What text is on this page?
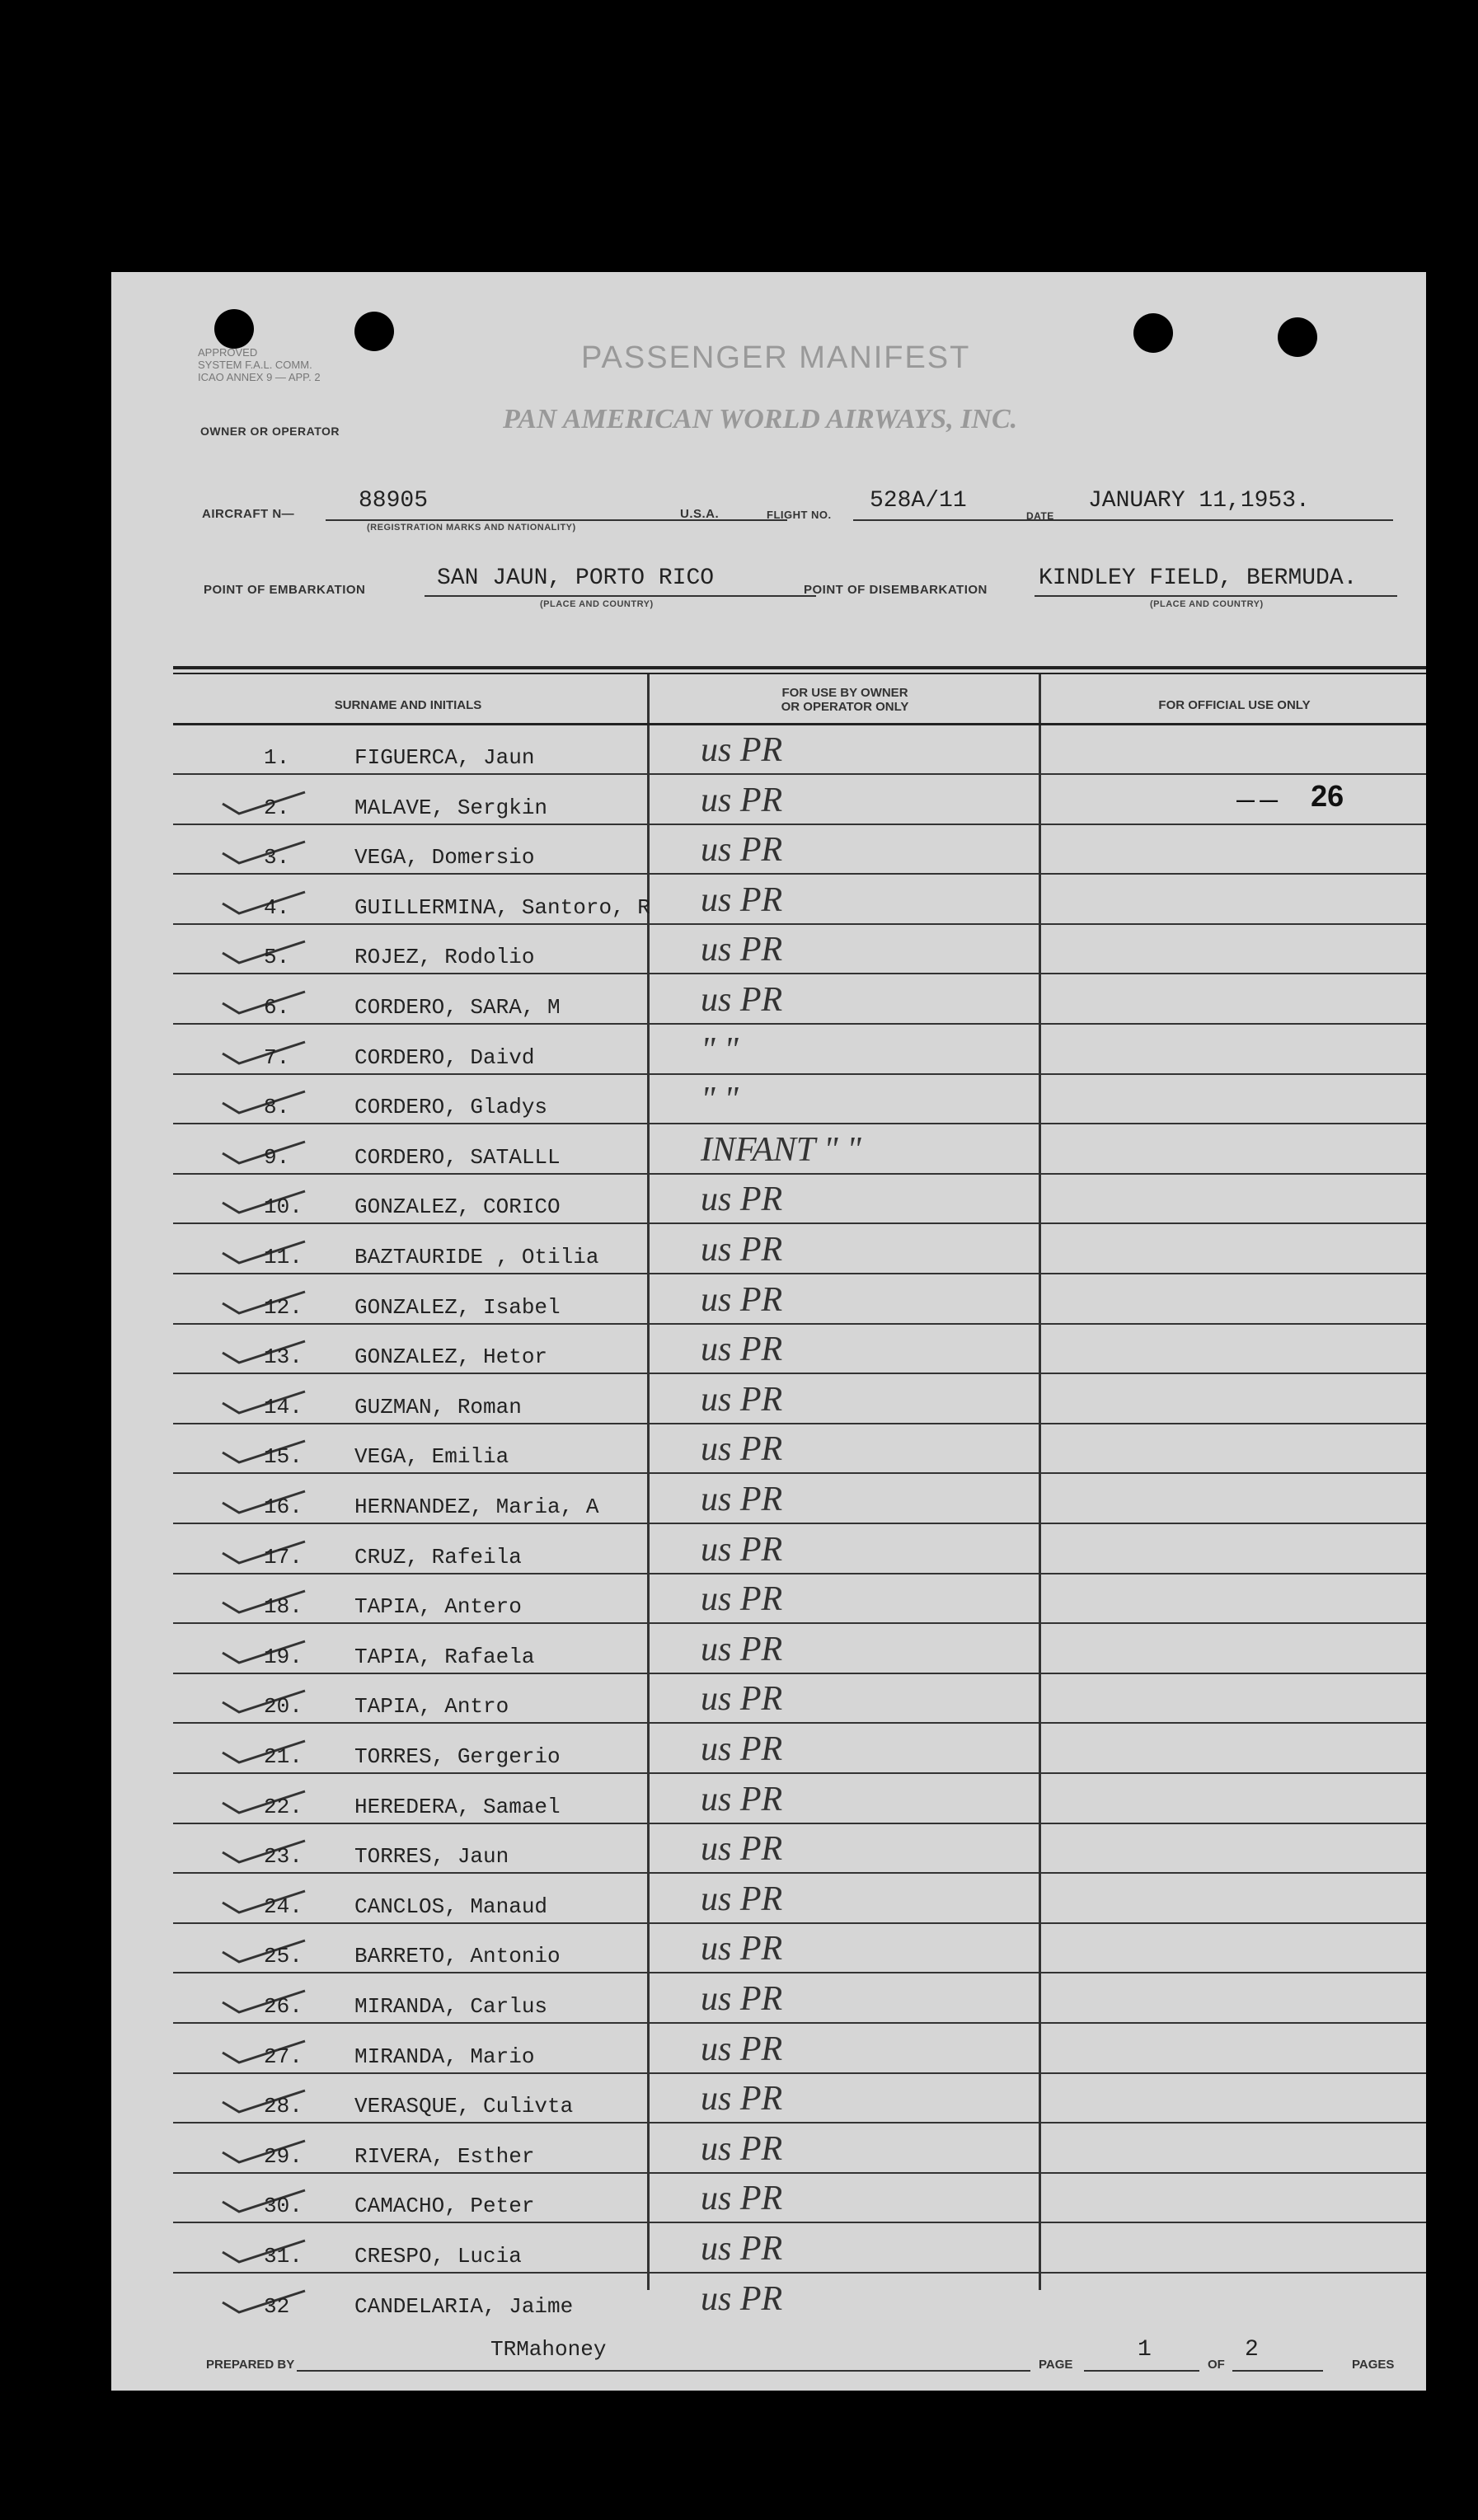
APPROVED
SYSTEM F.A.L. COMM.
ICAO ANNEX 9 — APP. 2
PASSENGER MANIFEST
OWNER OR OPERATOR	PAN AMERICAN WORLD AIRWAYS, INC.
AIRCRAFT N—
88905
(REGISTRATION MARKS AND NATIONALITY)
U.S.A.	FLIGHT NO.
528A/11
DATE
JANUARY 11,1953.
POINT OF EMBARKATION	SAN JAUN, PORTO RICO
(PLACE AND COUNTRY)
POINT OF DISEMBARKATION KINDLEY FIELD, BERMUDA.
(PLACE AND COUNTRY)
SURNAME AND INITIALS
FOR USE BY OWNER
OR OPERATOR ONLY	FOR OFFICIAL USE ONLY
1.	FIGUERCA, Jaun	us PR
2.	MALAVE, Sergkin	us PR	— — 26
3.	VEGA, Domersio	us PR
4.	GUILLERMINA, Santoro, R us PR
5.	ROJEZ, Rodolio	us PR
6.	CORDERO, SARA, M	us PR
7.	CORDERO, Daivd	" "
8.	CORDERO, Gladys	" "
9.	CORDERO, SATALLL	INFANT " "
10. GONZALEZ, CORICO	us PR
11. BAZTAURIDE , Otilia	us PR
12. GONZALEZ, Isabel	us PR
13. GONZALEZ, Hetor	us PR
14. GUZMAN, Roman	us PR
15. VEGA, Emilia	us PR
16. HERNANDEZ, Maria, A	us PR
17. CRUZ, Rafeila	us PR
18. TAPIA, Antero	us PR
19. TAPIA, Rafaela	us PR
20. TAPIA, Antro	us PR
21. TORRES, Gergerio	us PR
22. HEREDERA, Samael	us PR
23. TORRES, Jaun	us PR
24. CANCLOS, Manaud	us PR
25. BARRETO, Antonio	us PR
26. MIRANDA, Carlus	us PR
27. MIRANDA, Mario	us PR
28. VERASQUE, Culivta	us PR
29. RIVERA, Esther	us PR
30. CAMACHO, Peter	us PR
31. CRESPO, Lucia	us PR
32	CANDELARIA, Jaime	us PR
PREPARED BY
TRMahoney
PAGE
1
OF
2
PAGES
